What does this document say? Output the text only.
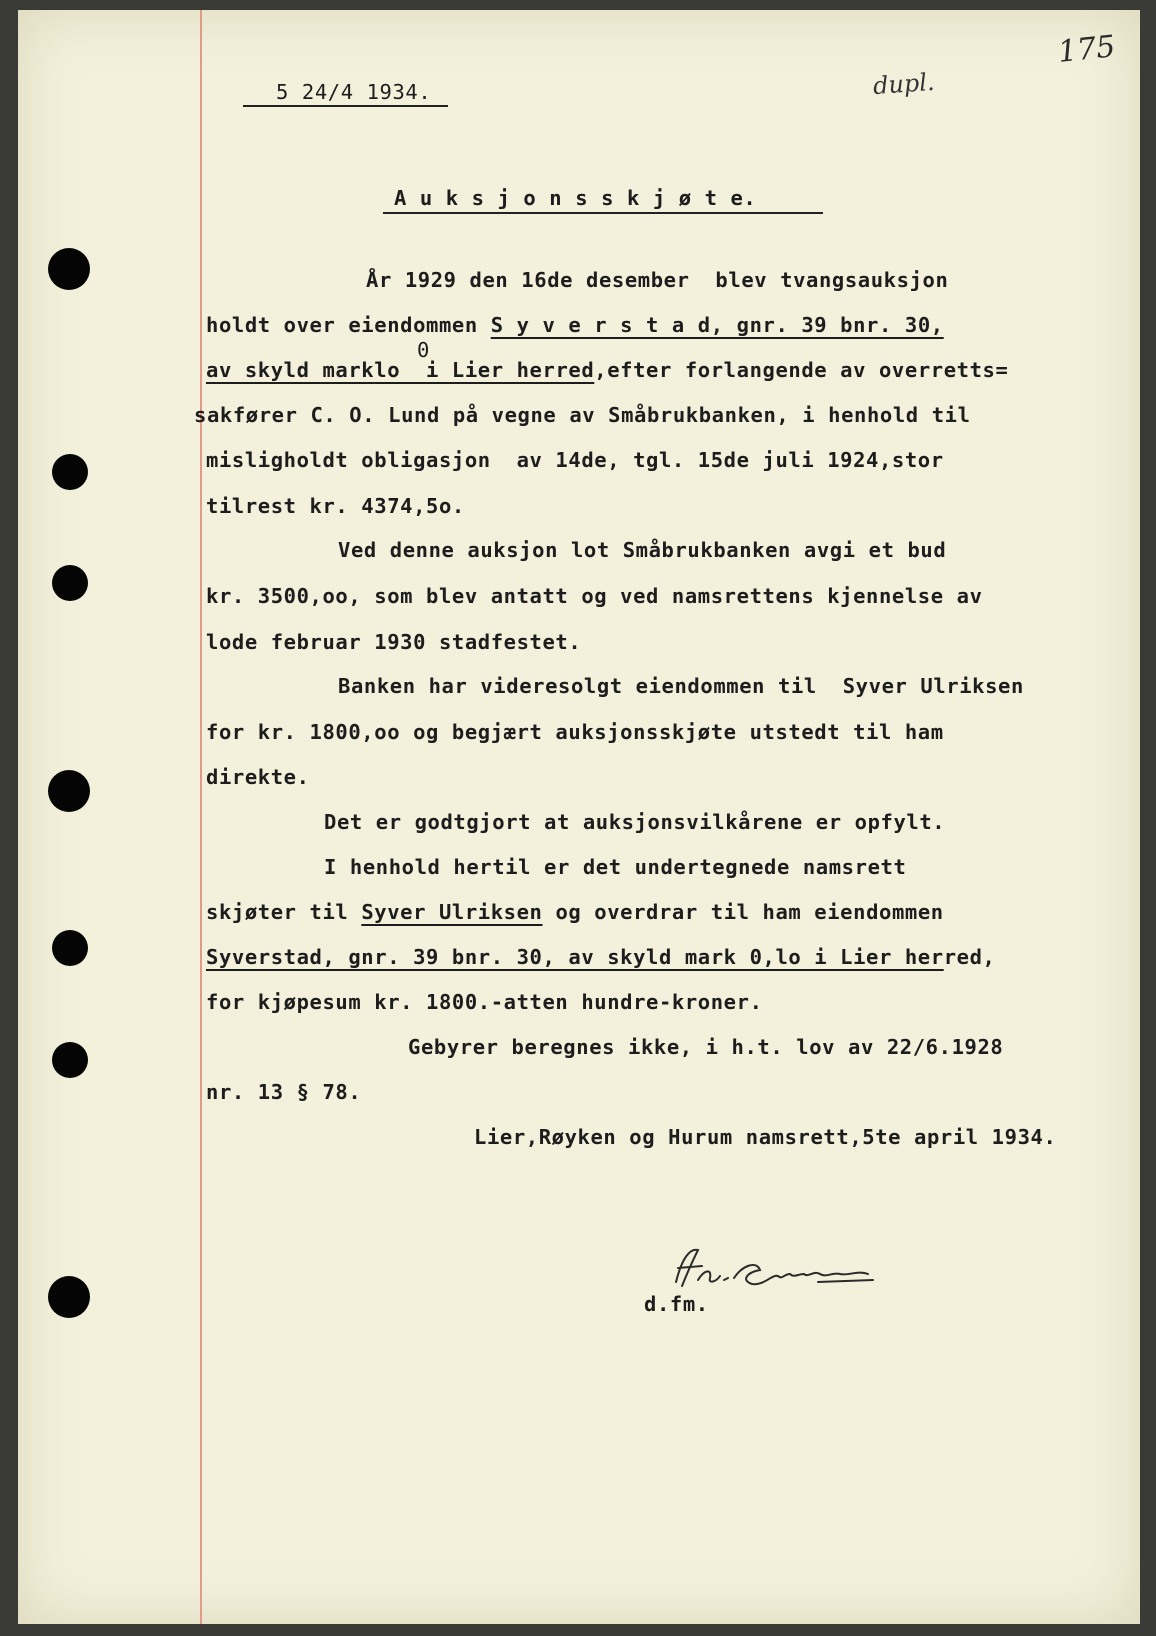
175
dupl.
5 24/4 1934.
A u k s j o n s s k j ø t e.
År 1929 den 16de desember  blev tvangsauksjon
holdt over eiendommen S y v e r s t a d, gnr. 39 bnr. 30,
0
av skyld marklo  i Lier herred,efter forlangende av overretts=
sakfører C. O. Lund på vegne av Småbrukbanken, i henhold til
misligholdt obligasjon  av 14de, tgl. 15de juli 1924,stor
tilrest kr. 4374,5o.
Ved denne auksjon lot Småbrukbanken avgi et bud
kr. 3500,oo, som blev antatt og ved namsrettens kjennelse av
lode februar 1930 stadfestet.
Banken har videresolgt eiendommen til  Syver Ulriksen
for kr. 1800,oo og begjært auksjonsskjøte utstedt til ham
direkte.
Det er godtgjort at auksjonsvilkårene er opfylt.
I henhold hertil er det undertegnede namsrett
skjøter til Syver Ulriksen og overdrar til ham eiendommen
Syverstad, gnr. 39 bnr. 30, av skyld mark 0,lo i Lier herred,
for kjøpesum kr. 1800.-atten hundre-kroner.
Gebyrer beregnes ikke, i h.t. lov av 22/6.1928
nr. 13 § 78.
Lier,Røyken og Hurum namsrett,5te april 1934.
d.fm.
